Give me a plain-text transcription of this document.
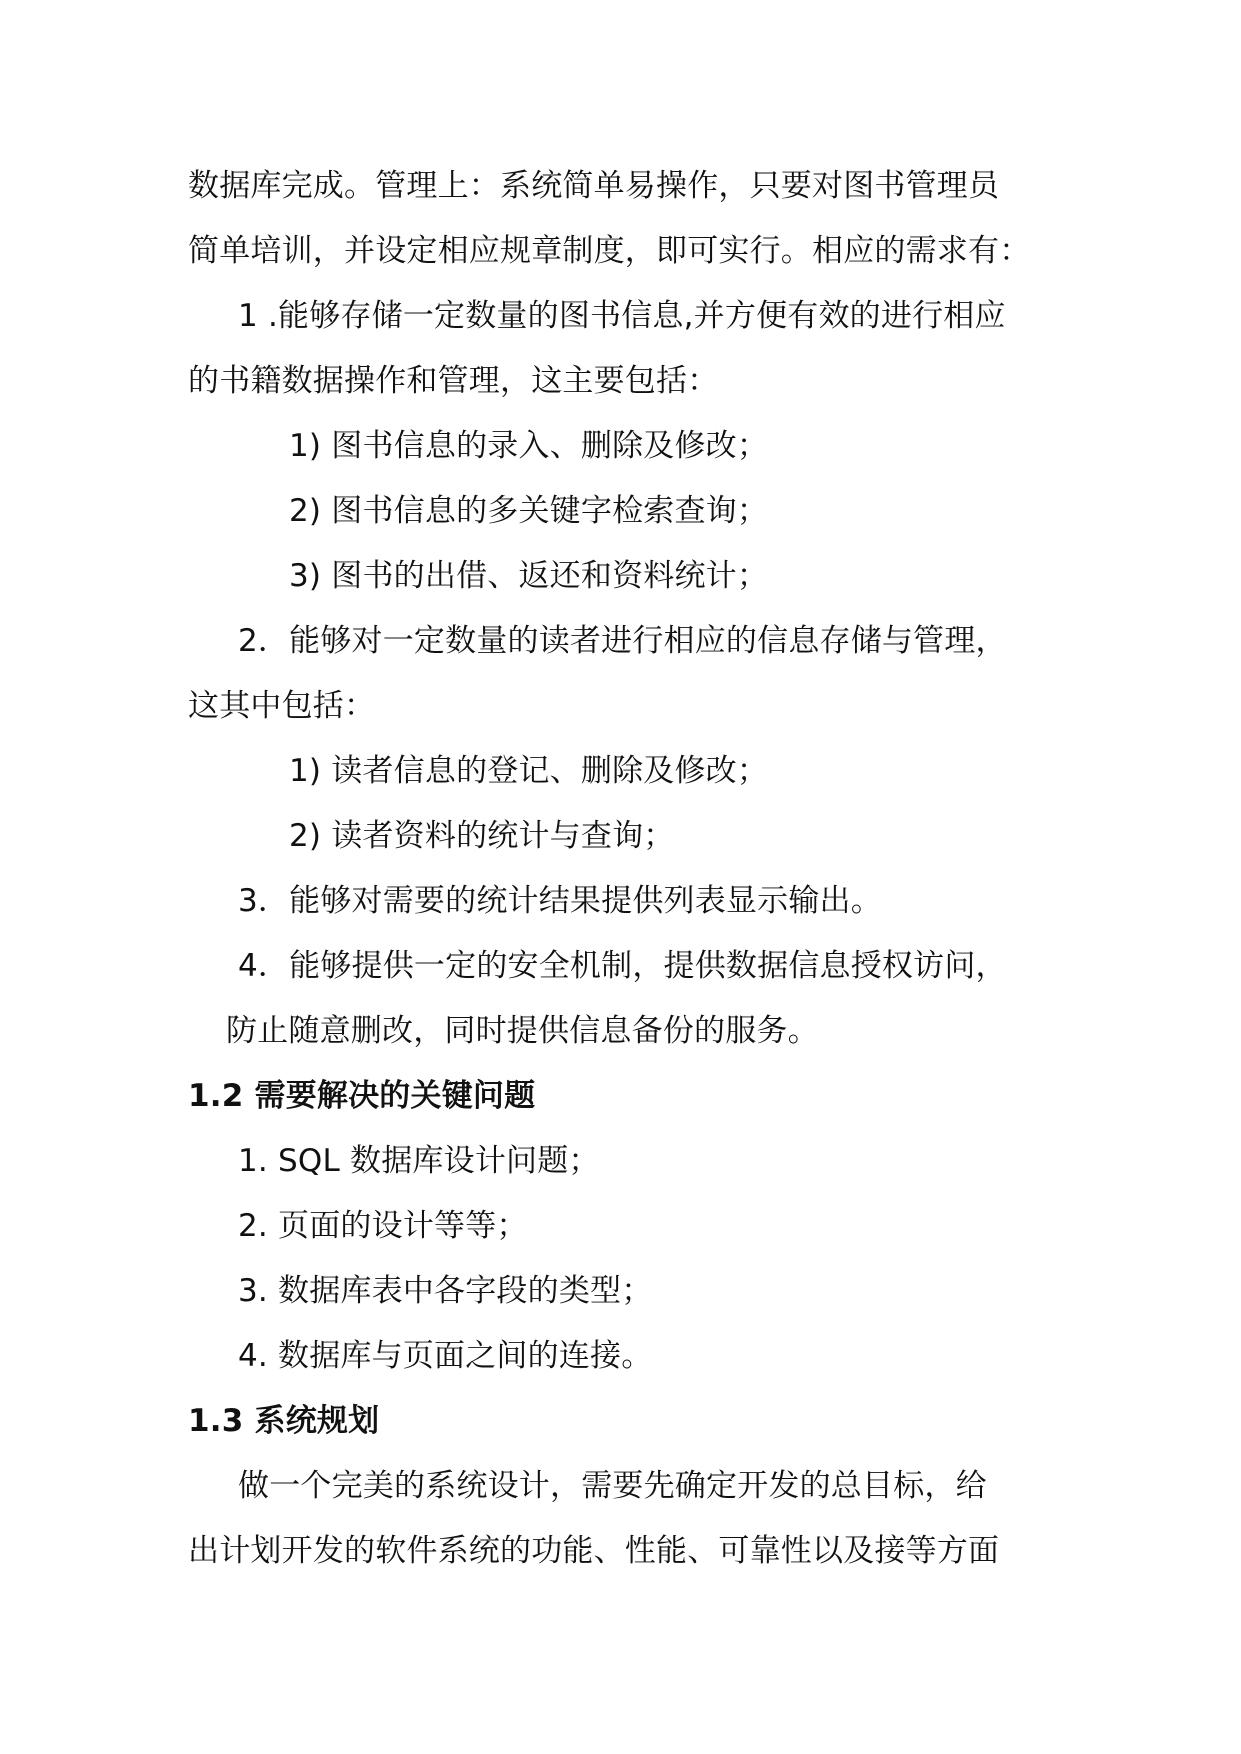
数据库完成。管理上：系统简单易操作，只要对图书管理员
简单培训，并设定相应规章制度，即可实行。相应的需求有：
1 .能够存储一定数量的图书信息,并方便有效的进行相应
的书籍数据操作和管理，这主要包括：
1) 图书信息的录入、删除及修改；
2) 图书信息的多关键字检索查询；
3) 图书的出借、返还和资料统计；
2．能够对一定数量的读者进行相应的信息存储与管理，
这其中包括：
1) 读者信息的登记、删除及修改；
2) 读者资料的统计与查询；
3．能够对需要的统计结果提供列表显示输出。
4．能够提供一定的安全机制，提供数据信息授权访问，
防止随意删改，同时提供信息备份的服务。
1.2 需要解决的关键问题
1. SQL 数据库设计问题；
2. 页面的设计等等；
3. 数据库表中各字段的类型；
4. 数据库与页面之间的连接。
1.3 系统规划
做一个完美的系统设计，需要先确定开发的总目标，给
出计划开发的软件系统的功能、性能、可靠性以及接等方面
